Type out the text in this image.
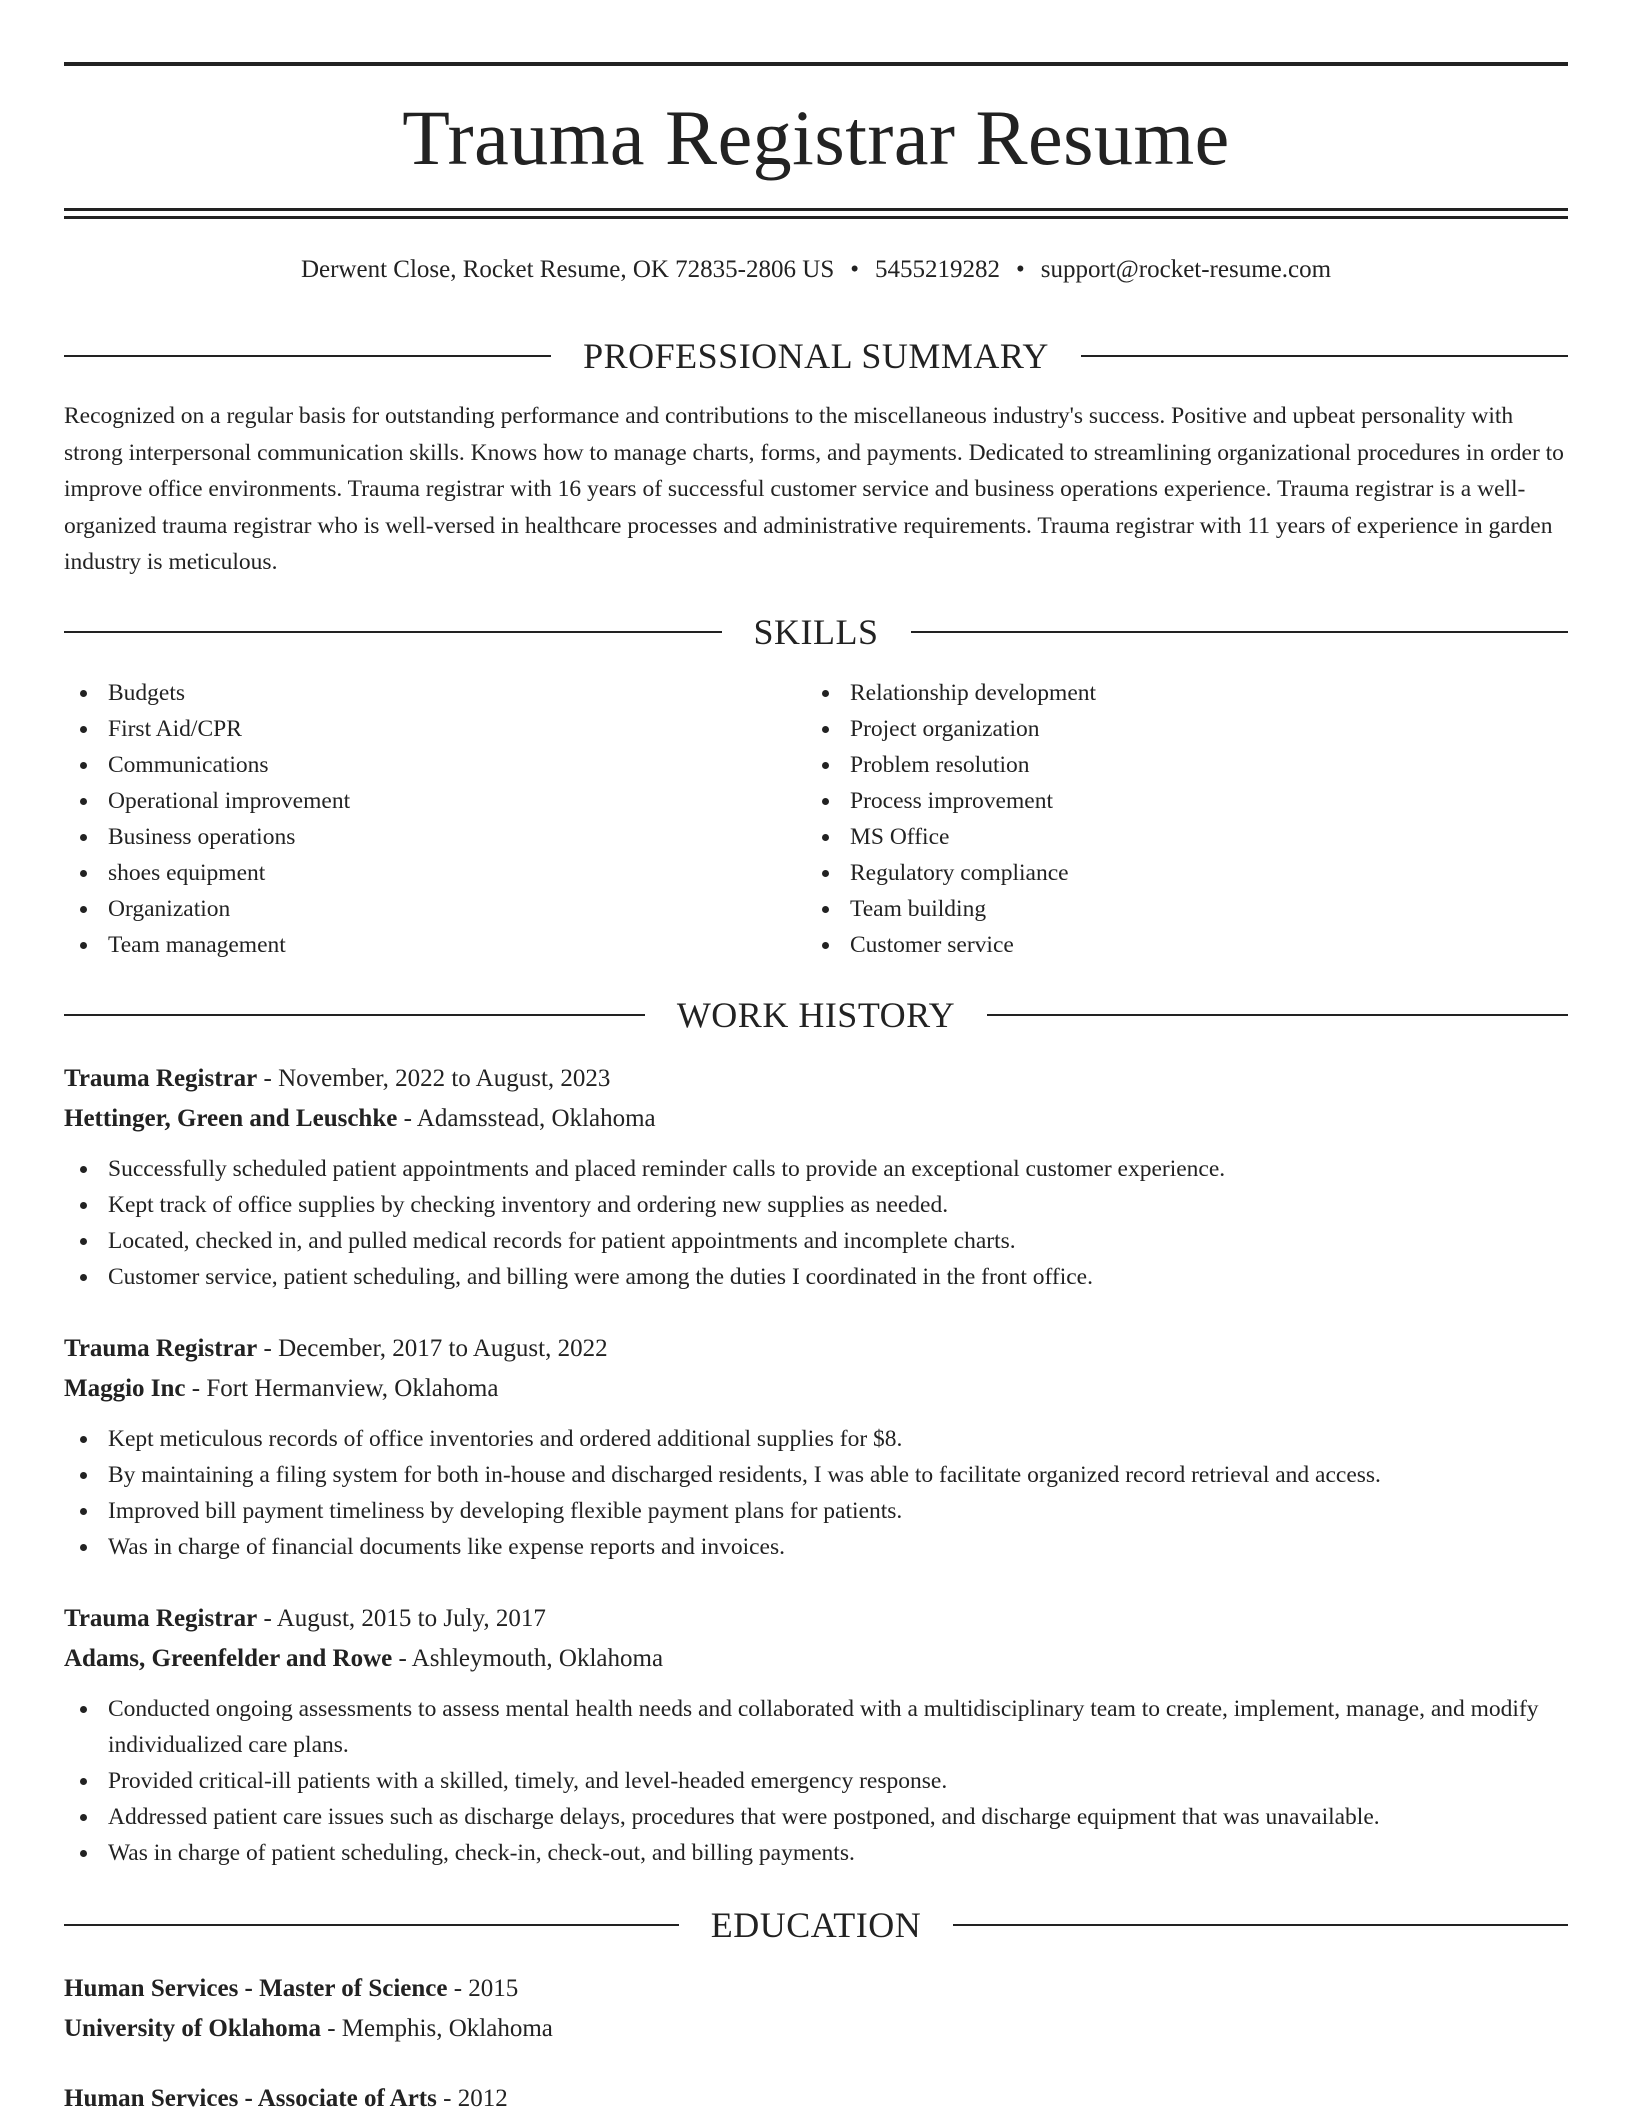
Trauma Registrar Resume
Derwent Close, Rocket Resume, OK 72835-2806 US • 5455219282 • support@rocket-resume.com
PROFESSIONAL SUMMARY

Recognized on a regular basis for outstanding performance and contributions to the miscellaneous industry's success. Positive and upbeat personality with strong interpersonal communication skills. Knows how to manage charts, forms, and payments. Dedicated to streamlining organizational procedures in order to improve office environments. Trauma registrar with 16 years of successful customer service and business operations experience. Trauma registrar is a well-organized trauma registrar who is well-versed in healthcare processes and administrative requirements. Trauma registrar with 11 years of experience in garden industry is meticulous.

SKILLS
Budgets
First Aid/CPR
Communications
Operational improvement
Business operations
shoes equipment
Organization
Team management
Relationship development
Project organization
Problem resolution
Process improvement
MS Office
Regulatory compliance
Team building
Customer service
WORK HISTORY
Trauma Registrar - November, 2022 to August, 2023
Hettinger, Green and Leuschke - Adamsstead, Oklahoma
Successfully scheduled patient appointments and placed reminder calls to provide an exceptional customer experience.
Kept track of office supplies by checking inventory and ordering new supplies as needed.
Located, checked in, and pulled medical records for patient appointments and incomplete charts.
Customer service, patient scheduling, and billing were among the duties I coordinated in the front office.
Trauma Registrar - December, 2017 to August, 2022
Maggio Inc - Fort Hermanview, Oklahoma
Kept meticulous records of office inventories and ordered additional supplies for $8.
By maintaining a filing system for both in-house and discharged residents, I was able to facilitate organized record retrieval and access.
Improved bill payment timeliness by developing flexible payment plans for patients.
Was in charge of financial documents like expense reports and invoices.
Trauma Registrar - August, 2015 to July, 2017
Adams, Greenfelder and Rowe - Ashleymouth, Oklahoma
Conducted ongoing assessments to assess mental health needs and collaborated with a multidisciplinary team to create, implement, manage, and modify individualized care plans.
Provided critical-ill patients with a skilled, timely, and level-headed emergency response.
Addressed patient care issues such as discharge delays, procedures that were postponed, and discharge equipment that was unavailable.
Was in charge of patient scheduling, check-in, check-out, and billing payments.
EDUCATION
Human Services - Master of Science - 2015
University of Oklahoma - Memphis, Oklahoma
Human Services - Associate of Arts - 2012
